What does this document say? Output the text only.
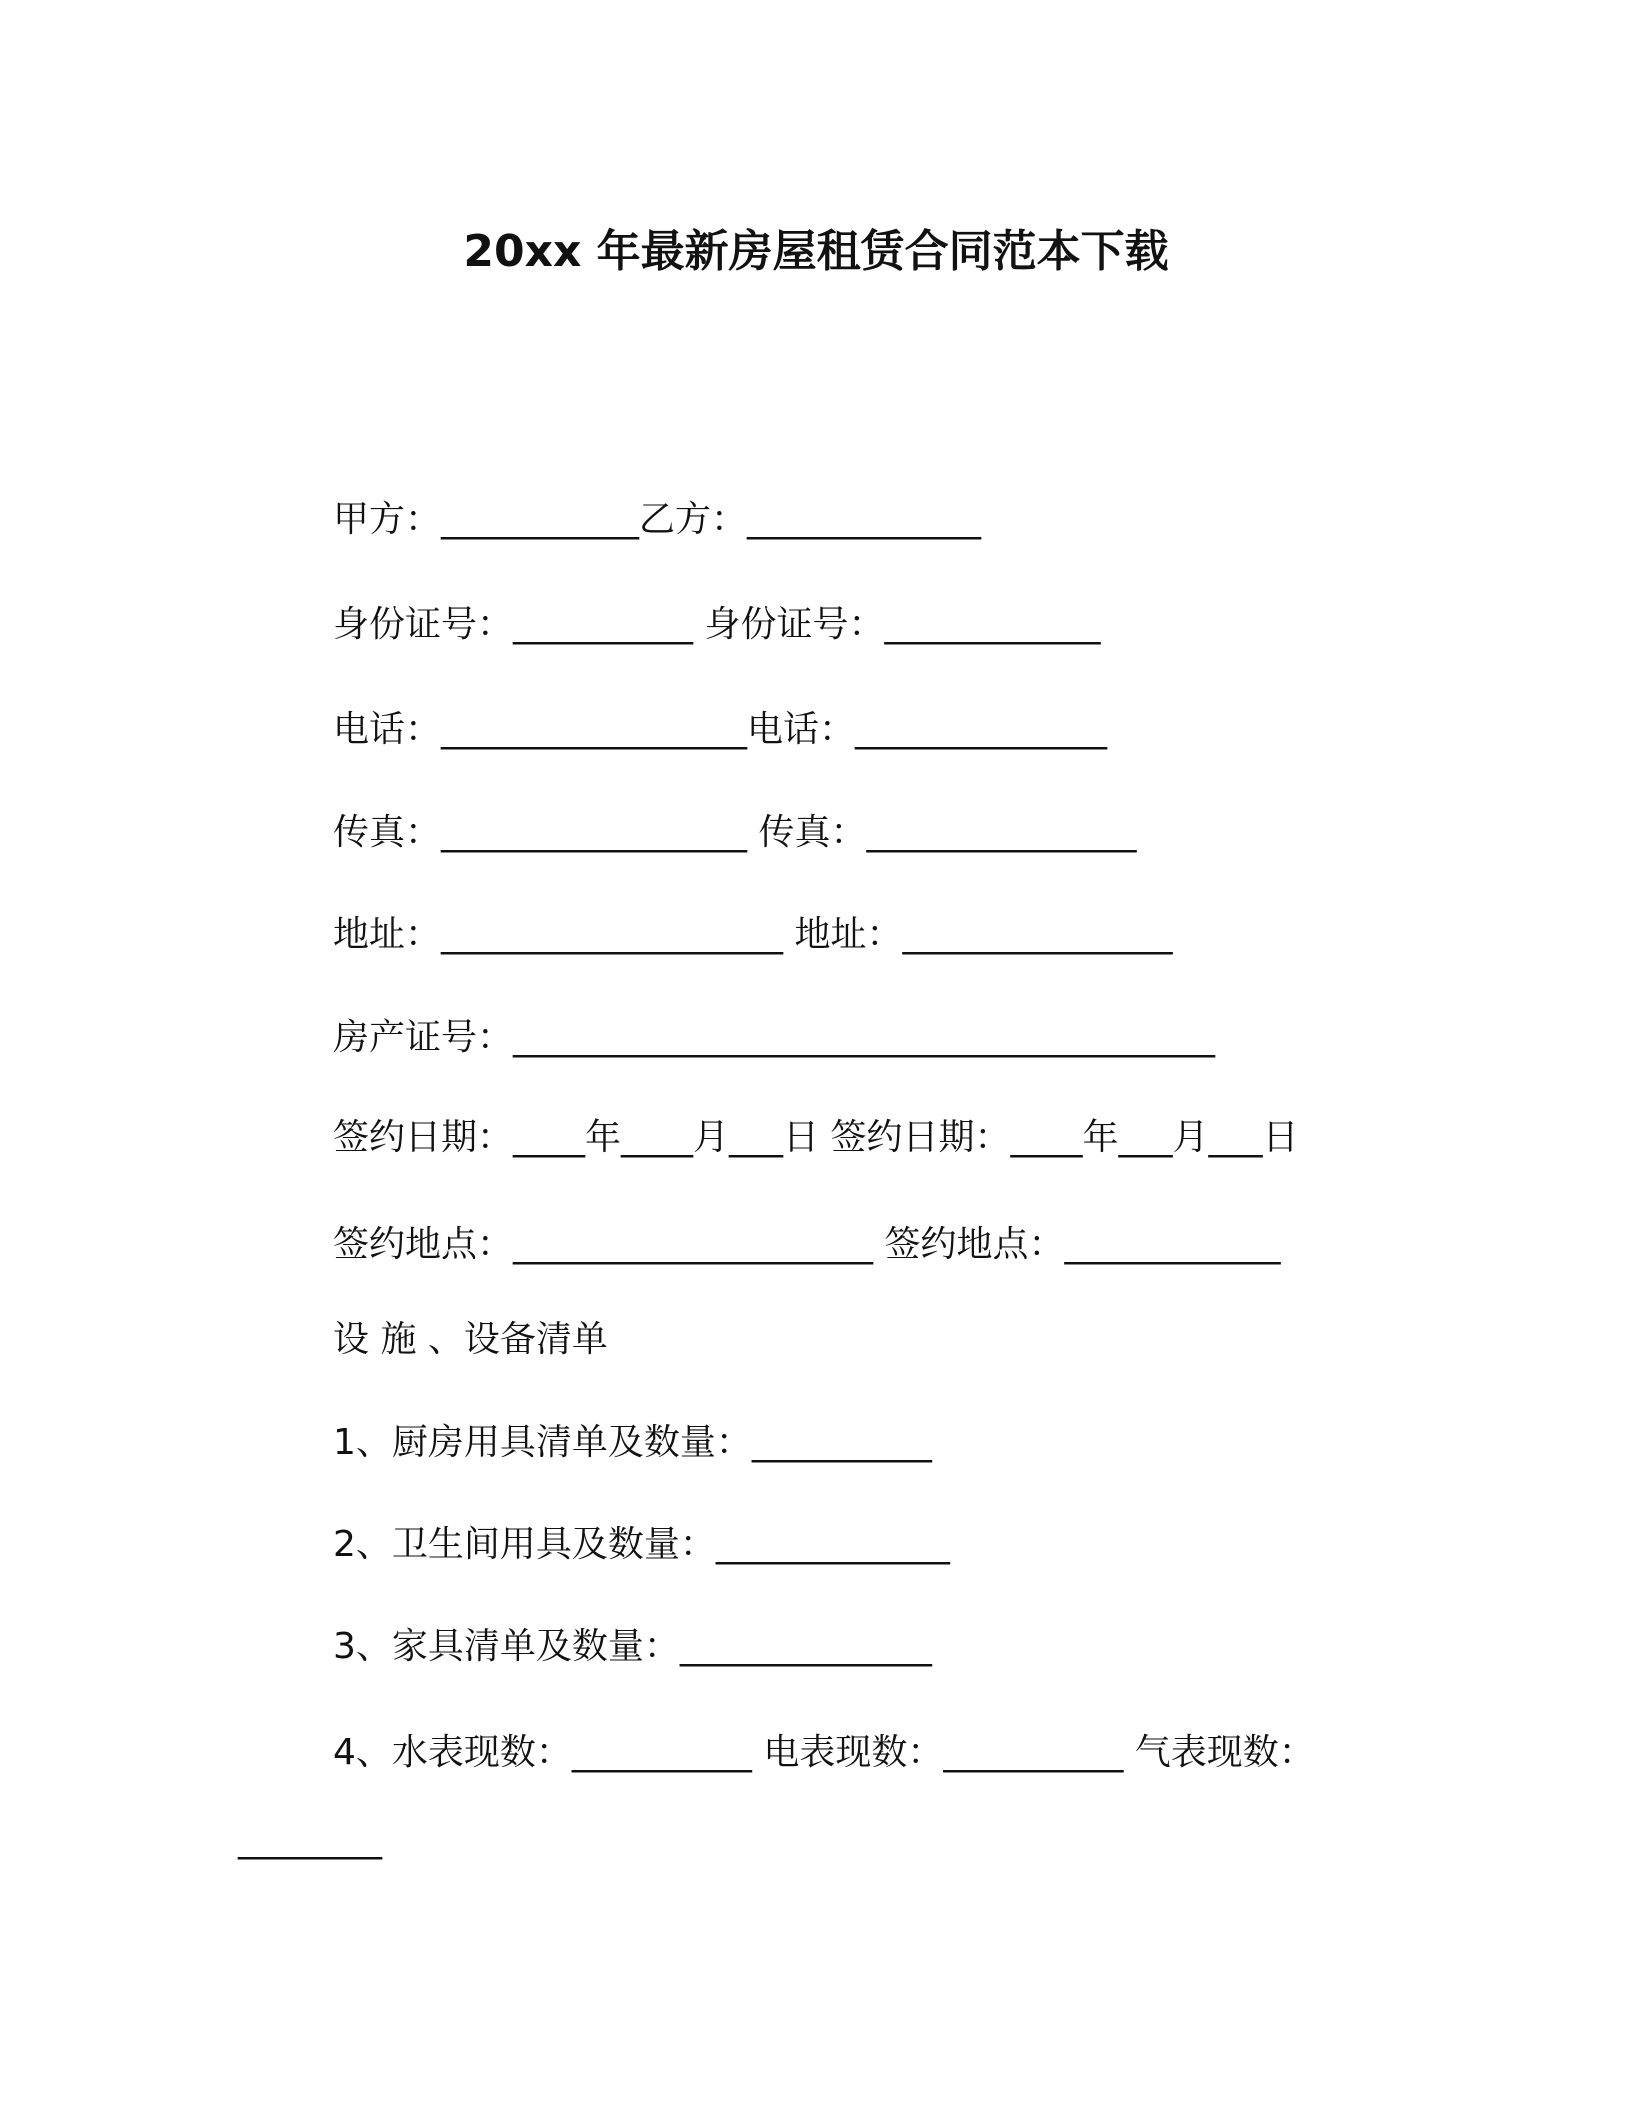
20xx 年最新房屋租赁合同范本下载
甲方：___________乙方：_____________
身份证号：__________ 身份证号：____________
电话：_________________电话：______________
传真：_________________ 传真：_______________
地址：___________________ 地址：_______________
房产证号：_______________________________________
签约日期：____年____月___日 签约日期：____年___月___日
签约地点：____________________ 签约地点：____________
设 施 、设备清单
1、厨房用具清单及数量：__________
2、卫生间用具及数量：_____________
3、家具清单及数量：______________
4、水表现数：__________ 电表现数：__________ 气表现数：
________
